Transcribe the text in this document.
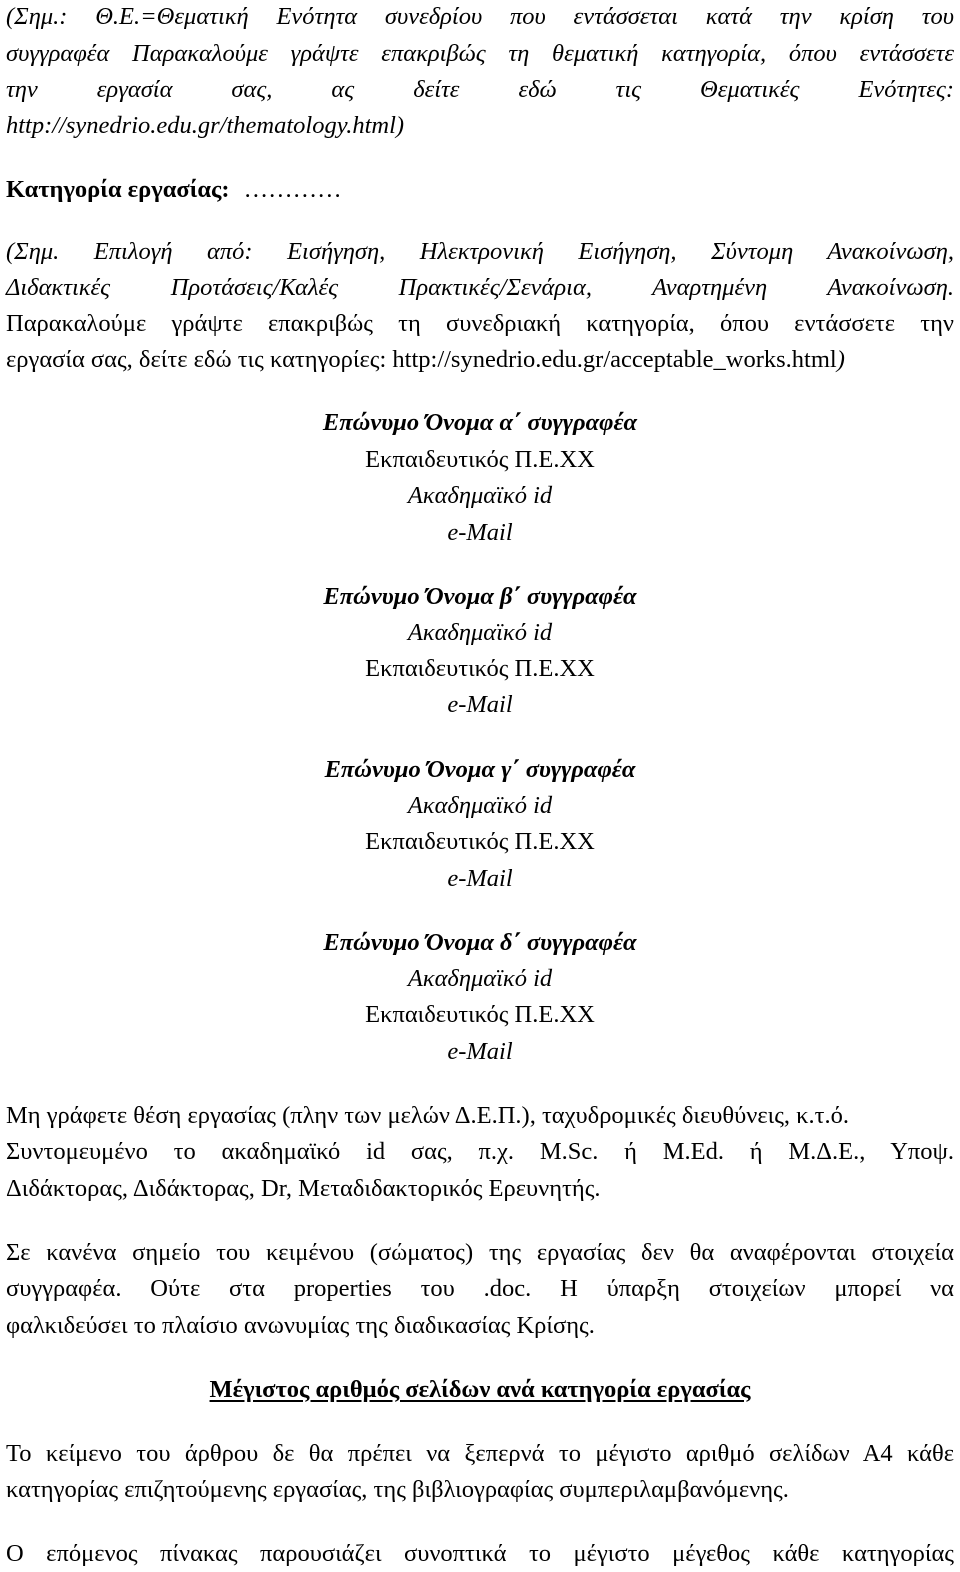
(Σημ.: Θ.Ε.=Θεματική Ενότητα συνεδρίου που εντάσσεται κατά την κρίση του
συγγραφέα Παρακαλούμε γράψτε επακριβώς τη θεματική κατηγορία, όπου εντάσσετε
την εργασία σας, ας δείτε εδώ τις Θεματικές Ενότητες:
http://synedrio.edu.gr/thematology.html)
Κατηγορία εργασίας: …………
(Σημ. Επιλογή από: Εισήγηση, Ηλεκτρονική Εισήγηση, Σύντομη Ανακοίνωση,
Διδακτικές Προτάσεις/Καλές Πρακτικές/Σενάρια, Αναρτημένη Ανακοίνωση.
Παρακαλούμε γράψτε επακριβώς τη συνεδριακή κατηγορία, όπου εντάσσετε την
εργασία σας, δείτε εδώ τις κατηγορίες: http://synedrio.edu.gr/acceptable_works.html)
Επώνυμο Όνομα α΄ συγγραφέα
Εκπαιδευτικός Π.Ε.ΧΧ
Ακαδημαϊκό id
e-Mail
Επώνυμο Όνομα β΄ συγγραφέα
Ακαδημαϊκό id
Εκπαιδευτικός Π.Ε.ΧΧ
e-Mail
Επώνυμο Όνομα γ΄ συγγραφέα
Ακαδημαϊκό id
Εκπαιδευτικός Π.Ε.ΧΧ
e-Mail
Επώνυμο Όνομα δ΄ συγγραφέα
Ακαδημαϊκό id
Εκπαιδευτικός Π.Ε.ΧΧ
e-Mail
Μη γράφετε θέση εργασίας (πλην των μελών Δ.Ε.Π.), ταχυδρομικές διευθύνεις, κ.τ.ό.
Συντομευμένο το ακαδημαϊκό id σας, π.χ. M.Sc. ή M.Ed. ή Μ.Δ.Ε., Υποψ.
Διδάκτορας, Διδάκτορας, Dr, Μεταδιδακτορικός Ερευνητής.
Σε κανένα σημείο του κειμένου (σώματος) της εργασίας δεν θα αναφέρονται στοιχεία
συγγραφέα. Ούτε στα properties του .doc. Η ύπαρξη στοιχείων μπορεί να
φαλκιδεύσει το πλαίσιο ανωνυμίας της διαδικασίας Κρίσης.
Μέγιστος αριθμός σελίδων ανά κατηγορία εργασίας
Το κείμενο του άρθρου δε θα πρέπει να ξεπερνά το μέγιστο αριθμό σελίδων Α4 κάθε
κατηγορίας επιζητούμενης εργασίας, της βιβλιογραφίας συμπεριλαμβανόμενης.
Ο επόμενος πίνακας παρουσιάζει συνοπτικά το μέγιστο μέγεθος κάθε κατηγορίας
